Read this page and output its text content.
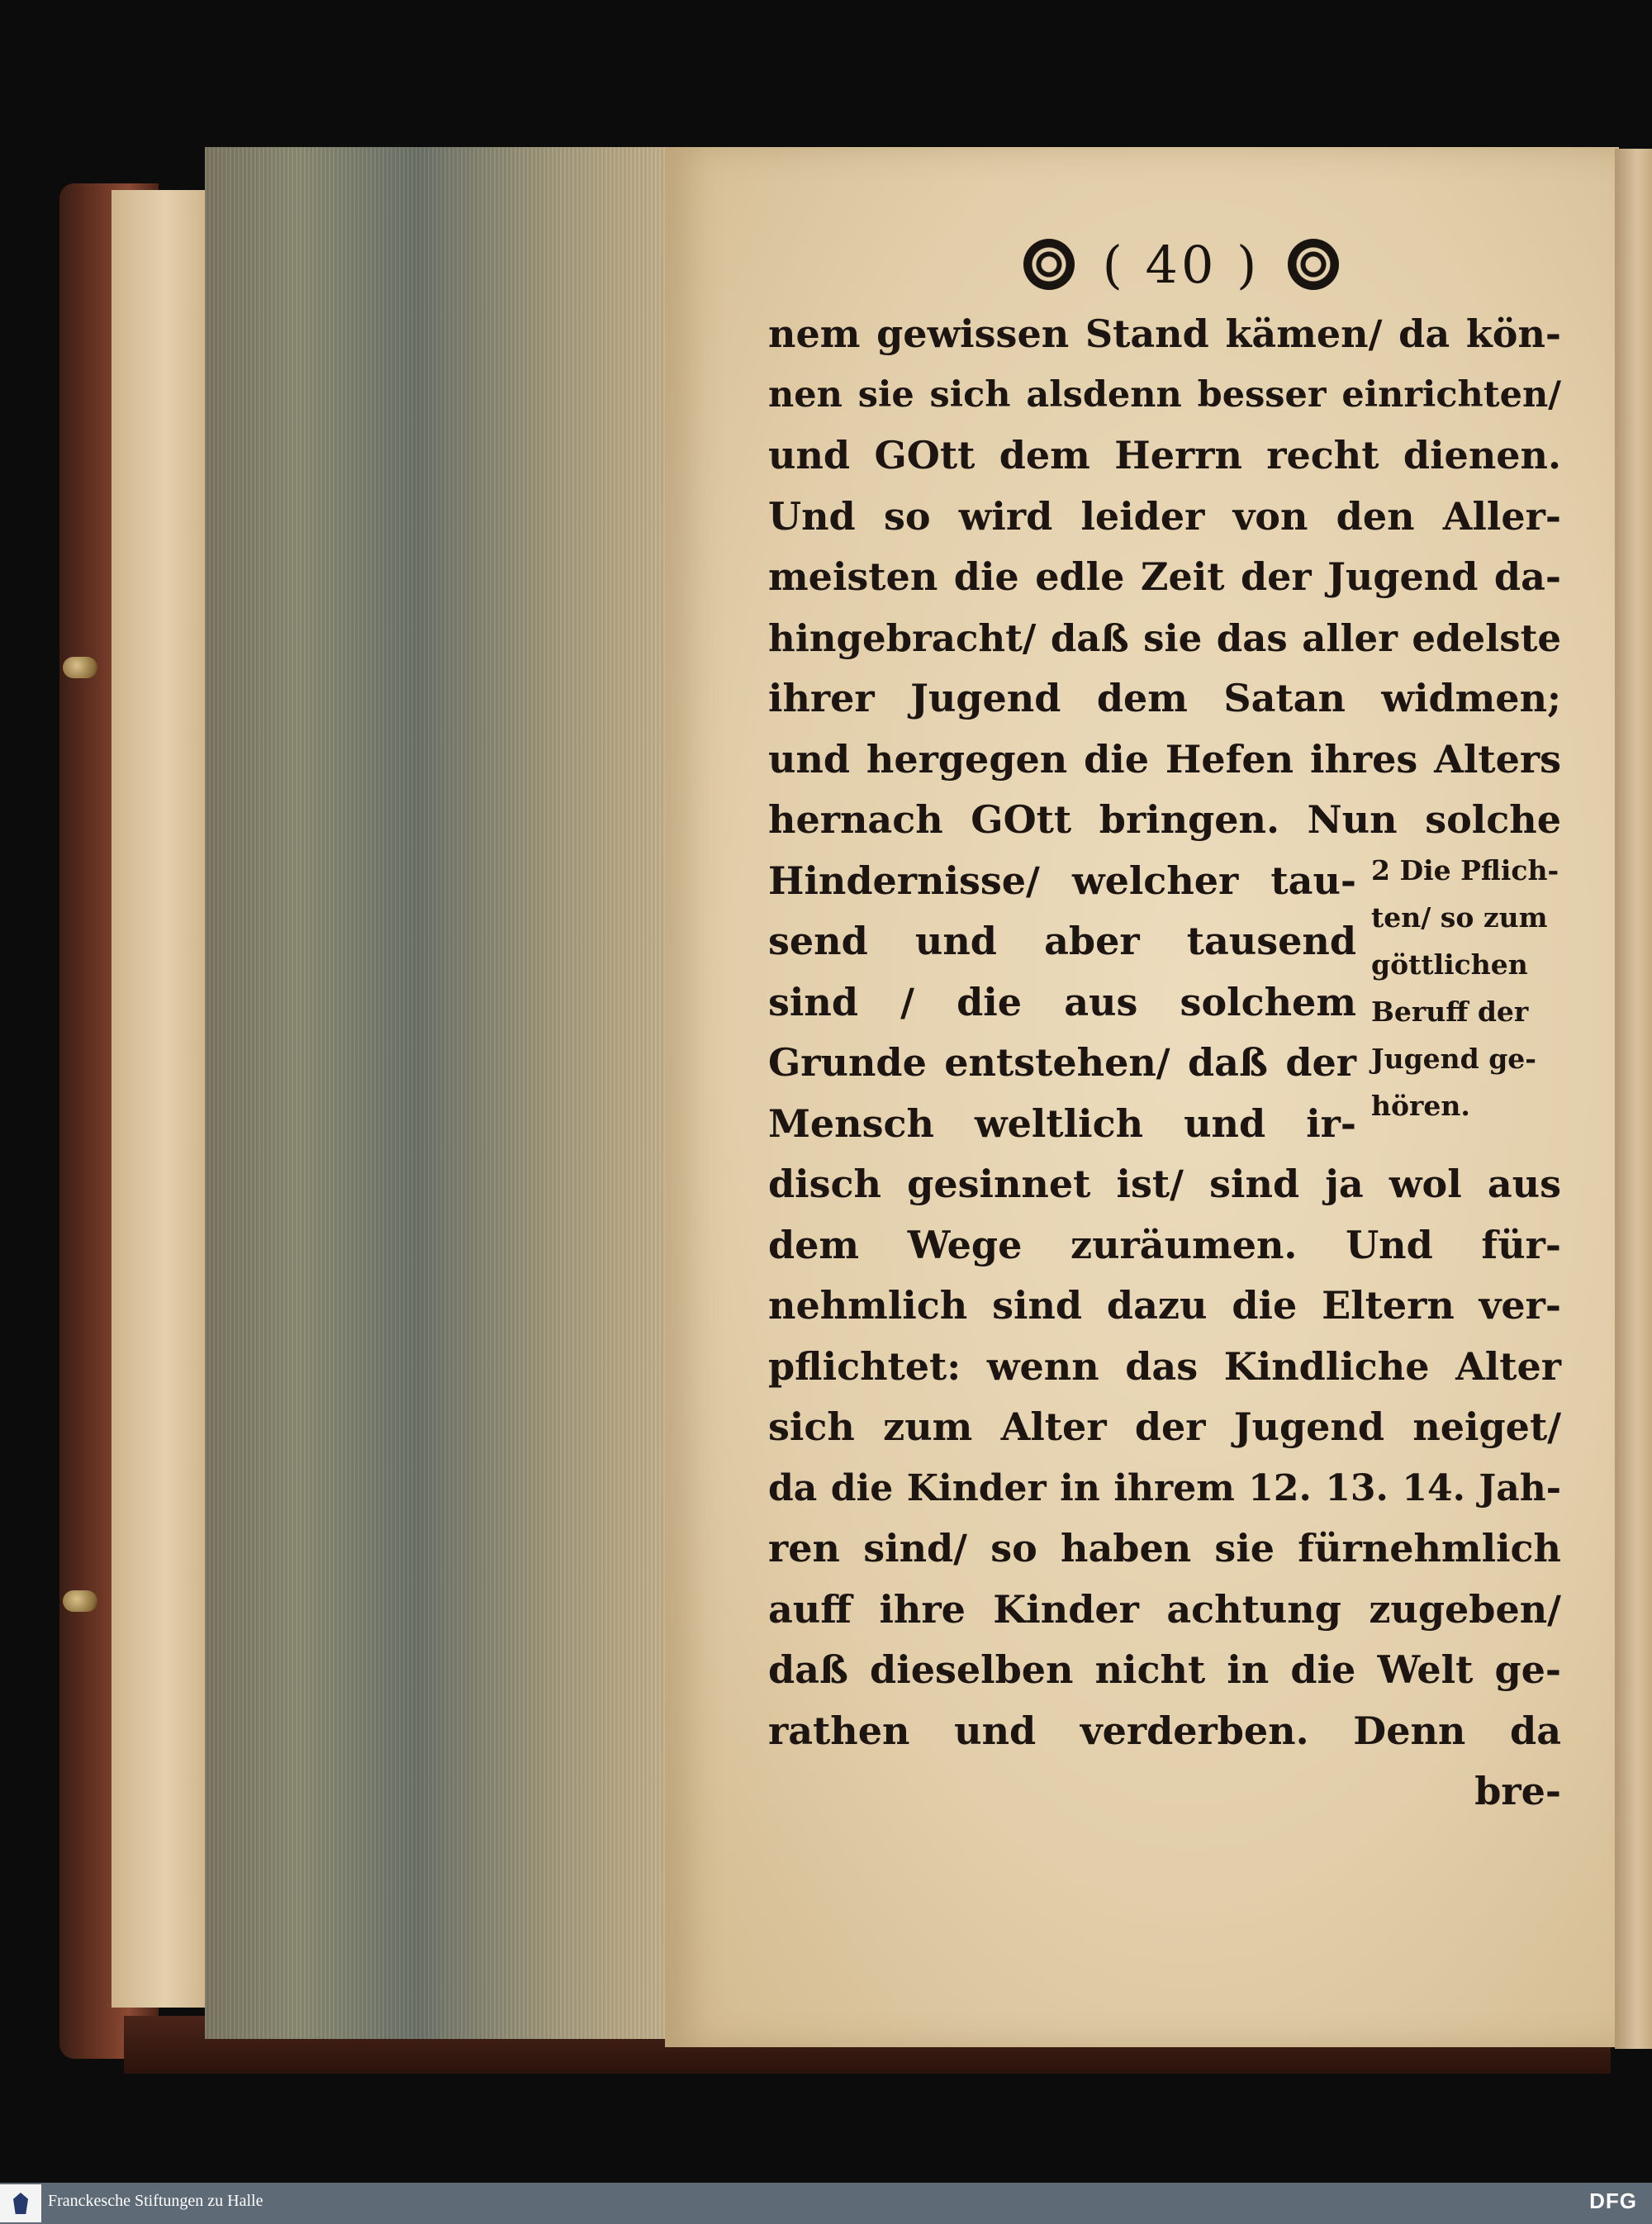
( 40 )
nem gewissen Stand kämen/ da kön-
nen sie sich alsdenn besser einrichten/
und GOtt dem Herrn recht dienen.
Und so wird leider von den Aller-
meisten die edle Zeit der Jugend da-
hingebracht/ daß sie das aller edelste
ihrer Jugend dem Satan widmen;
und hergegen die Hefen ihres Alters
hernach GOtt bringen. Nun solche
Hindernisse/ welcher tau-
send und aber tausend
sind / die aus solchem
Grunde entstehen/ daß der
Mensch weltlich und ir-
disch gesinnet ist/ sind ja wol aus
dem Wege zuräumen. Und für-
nehmlich sind dazu die Eltern ver-
pflichtet: wenn das Kindliche Alter
sich zum Alter der Jugend neiget/
da die Kinder in ihrem 12. 13. 14. Jah-
ren sind/ so haben sie fürnehmlich
auff ihre Kinder achtung zugeben/
daß dieselben nicht in die Welt ge-
rathen und verderben. Denn da
bre-
2 Die Pflich-
ten/ so zum
göttlichen
Beruff der
Jugend ge-
hören.
Franckesche Stiftungen zu Halle	DFG
